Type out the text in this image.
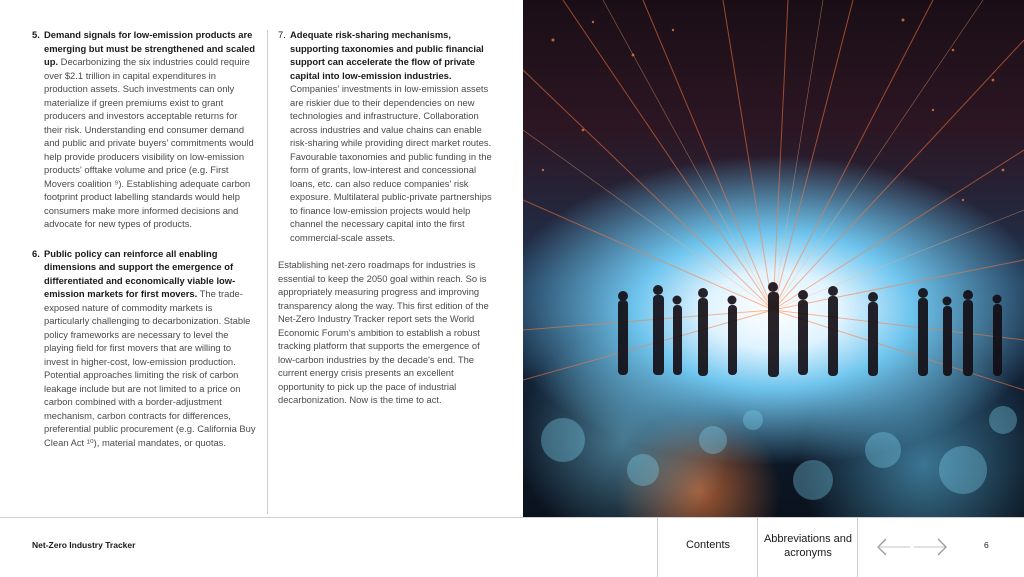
5. Demand signals for low-emission products are emerging but must be strengthened and scaled up. Decarbonizing the six industries could require over $2.1 trillion in capital expenditures in production assets. Such investments can only materialize if green premiums exist to grant producers and investors acceptable returns for their risk. Understanding end consumer demand and public and private buyers' commitments would help provide producers visibility on low-emission products' offtake volume and price (e.g. First Movers coalition ⁹). Establishing adequate carbon footprint product labelling standards would help consumers make more informed decisions and advocate for new types of products.
6. Public policy can reinforce all enabling dimensions and support the emergence of differentiated and economically viable low-emission markets for first movers. The trade-exposed nature of commodity markets is particularly challenging to decarbonization. Stable policy frameworks are necessary to level the playing field for first movers that are willing to invest in higher-cost, low-emission production. Potential approaches limiting the risk of carbon leakage include but are not limited to a price on carbon combined with a border-adjustment mechanism, carbon contracts for differences, preferential public procurement (e.g. California Buy Clean Act ¹⁰), material mandates, or quotas.
7. Adequate risk-sharing mechanisms, supporting taxonomies and public financial support can accelerate the flow of private capital into low-emission industries. Companies' investments in low-emission assets are riskier due to their dependencies on new technologies and infrastructure. Collaboration across industries and value chains can enable risk-sharing while providing direct market routes. Favourable taxonomies and public funding in the form of grants, low-interest and concessional loans, etc. can also reduce companies' risk exposure. Multilateral public-private partnerships to finance low-emission projects would help channel the necessary capital into the first commercial-scale assets.
Establishing net-zero roadmaps for industries is essential to keep the 2050 goal within reach. So is appropriately measuring progress and improving transparency along the way. This first edition of the Net-Zero Industry Tracker report sets the World Economic Forum's ambition to establish a robust tracking platform that supports the emergence of low-carbon industries by the decade's end. The current energy crisis presents an excellent opportunity to pick up the pace of industrial decarbonization. Now is the time to act.
Net-Zero Industry Tracker	Contents	Abbreviations and acronyms
6
